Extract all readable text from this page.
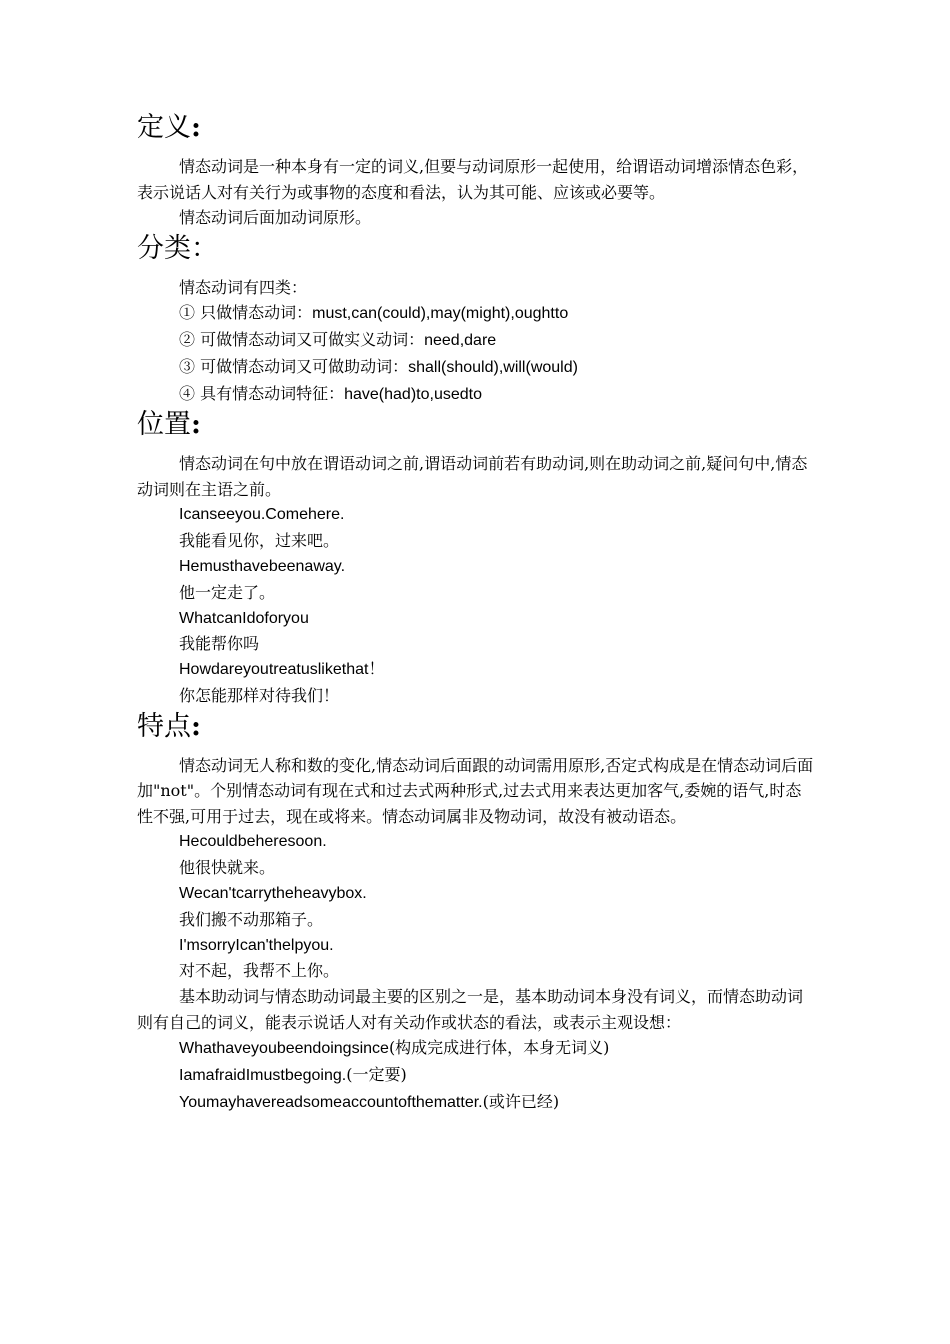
定义:

情态动词是一种本身有一定的词义,但要与动词原形一起使用，给谓语动词增添情态色彩，表示说话人对有关行为或事物的态度和看法，认为其可能、应该或必要等。

情态动词后面加动词原形。

分类：

情态动词有四类：

① 只做情态动词：must,can(could),may(might),oughtto

② 可做情态动词又可做实义动词：need,dare

③ 可做情态动词又可做助动词：shall(should),will(would)

④ 具有情态动词特征：have(had)to,usedto

位置:

情态动词在句中放在谓语动词之前,谓语动词前若有助动词,则在助动词之前,疑问句中,情态动词则在主语之前。

Icanseeyou.Comehere.

我能看见你，过来吧。

Hemusthavebeenaway.

他一定走了。

WhatcanIdoforyou

我能帮你吗

Howdareyoutreatuslikethat！

你怎能那样对待我们！

特点:

情态动词无人称和数的变化,情态动词后面跟的动词需用原形,否定式构成是在情态动词后面加"not"。个别情态动词有现在式和过去式两种形式,过去式用来表达更加客气,委婉的语气,时态性不强,可用于过去，现在或将来。情态动词属非及物动词，故没有被动语态。

Hecouldbeheresoon.

他很快就来。

Wecan'tcarrytheheavybox.

我们搬不动那箱子。

I'msorryIcan'thelpyou.

对不起，我帮不上你。

基本助动词与情态助动词最主要的区别之一是，基本助动词本身没有词义，而情态助动词则有自己的词义，能表示说话人对有关动作或状态的看法，或表示主观设想：

Whathaveyoubeendoingsince(构成完成进行体，本身无词义)

IamafraidImustbegoing.(一定要)

Youmayhavereadsomeaccountofthematter.(或许已经)
